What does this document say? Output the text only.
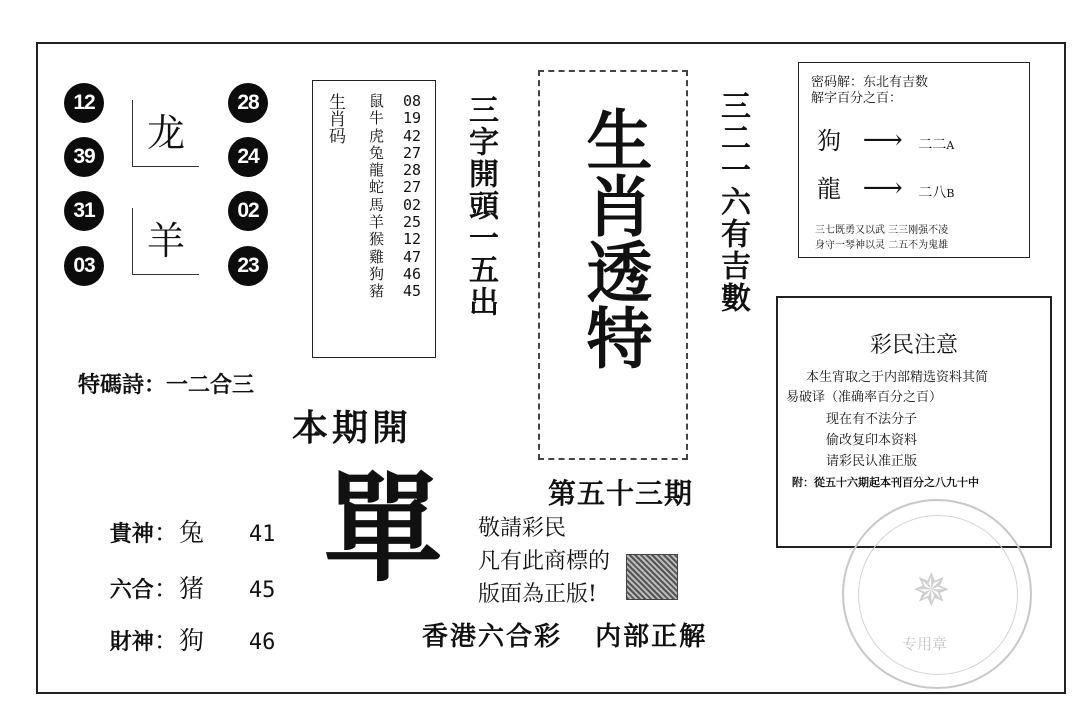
12
39
31
03
龙
羊
28
24
02
23
生肖码 鼠
牛
虎
兔
龍
蛇
馬
羊
猴
雞
狗
豬
08
19
42
27
28
27
02
25
12
47
46
45	三字開頭一五出 生肖透特 三二一六有吉數
第五十三期
密码解：东北有吉数
解字百分之百：
狗 ⟶ 二二A
龍 ⟶ 二八B
三七既勇又以武 三三刚强不凌
身守一琴神以灵 二五不为鬼雄
彩民注意
本生宵取之于内部精选资料其简
易破译（准确率百分之百）
现在有不法分子
偷改复印本资料
请彩民认准正版
附：從五十六期起本刊百分之八九十中
特碼詩：一二合三
本期開

貴神：兔 41

六合：猪 45

財神：狗 46

單 敬請彩民
凡有此商標的
版面為正版!
香港六合彩 内部正解
✵
专用章
